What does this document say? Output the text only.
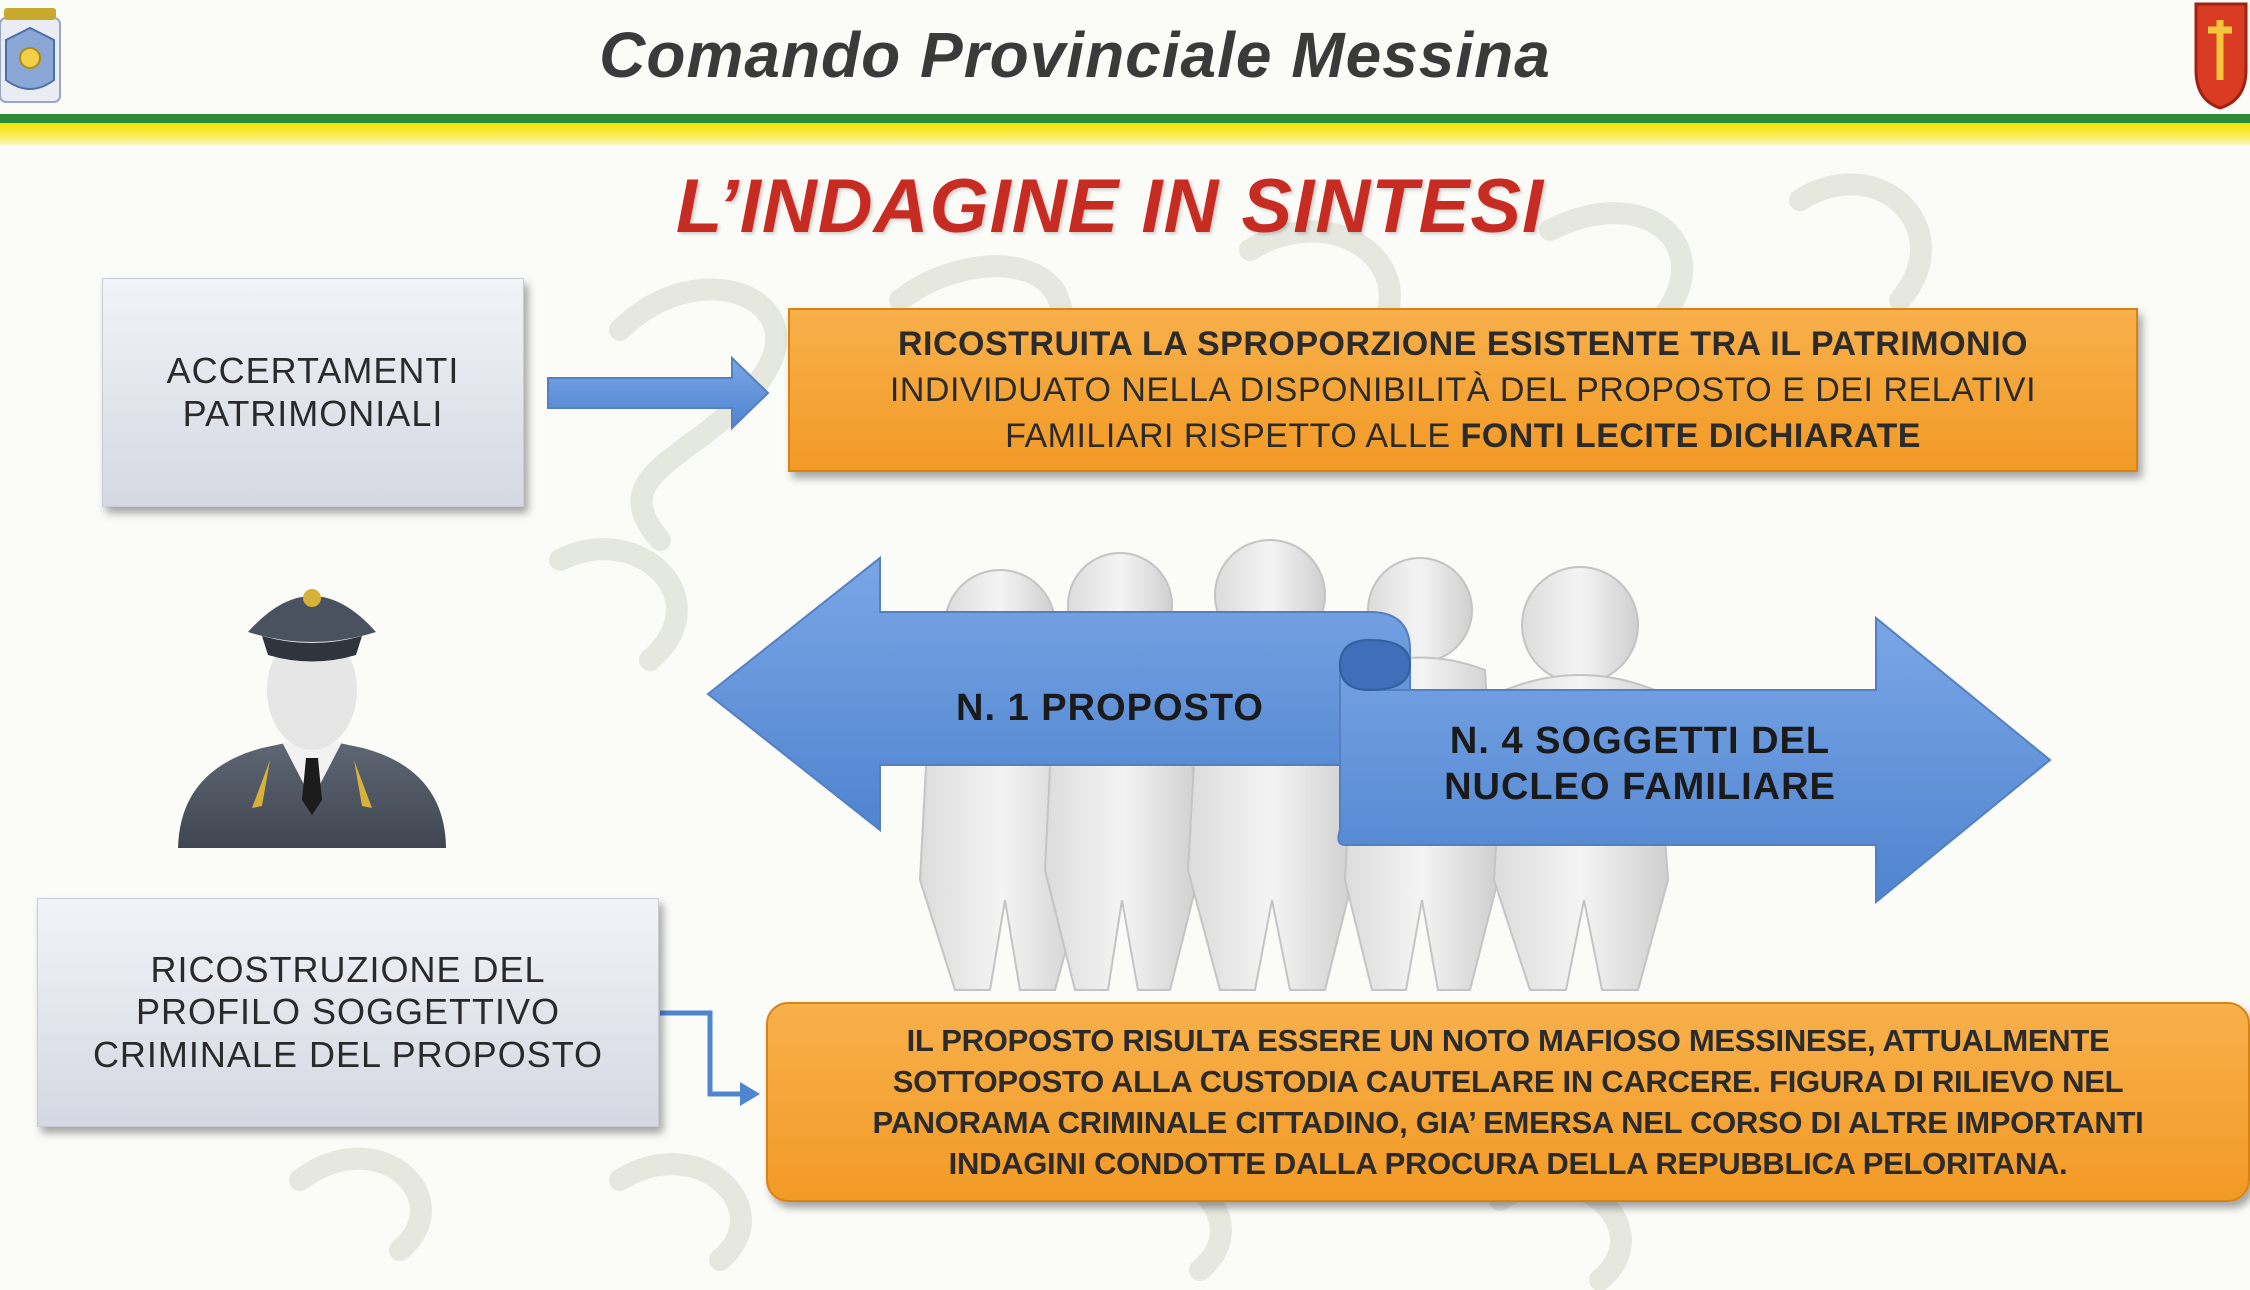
Comando Provinciale Messina
L’INDAGINE IN SINTESI
ACCERTAMENTI
PATRIMONIALI
RICOSTRUZIONE DEL
PROFILO SOGGETTIVO
CRIMINALE DEL PROPOSTO
RICOSTRUITA LA SPROPORZIONE ESISTENTE TRA IL PATRIMONIO
INDIVIDUATO NELLA DISPONIBILITÀ DEL PROPOSTO E DEI RELATIVI
FAMILIARI RISPETTO ALLE FONTI LECITE DICHIARATE
N. 1 PROPOSTO
N. 4 SOGGETTI DEL
NUCLEO FAMILIARE
IL PROPOSTO RISULTA ESSERE UN NOTO MAFIOSO MESSINESE, ATTUALMENTE
SOTTOPOSTO ALLA CUSTODIA CAUTELARE IN CARCERE. FIGURA DI RILIEVO NEL
PANORAMA CRIMINALE CITTADINO, GIA’ EMERSA NEL CORSO DI ALTRE IMPORTANTI
INDAGINI CONDOTTE DALLA PROCURA DELLA REPUBBLICA PELORITANA.
